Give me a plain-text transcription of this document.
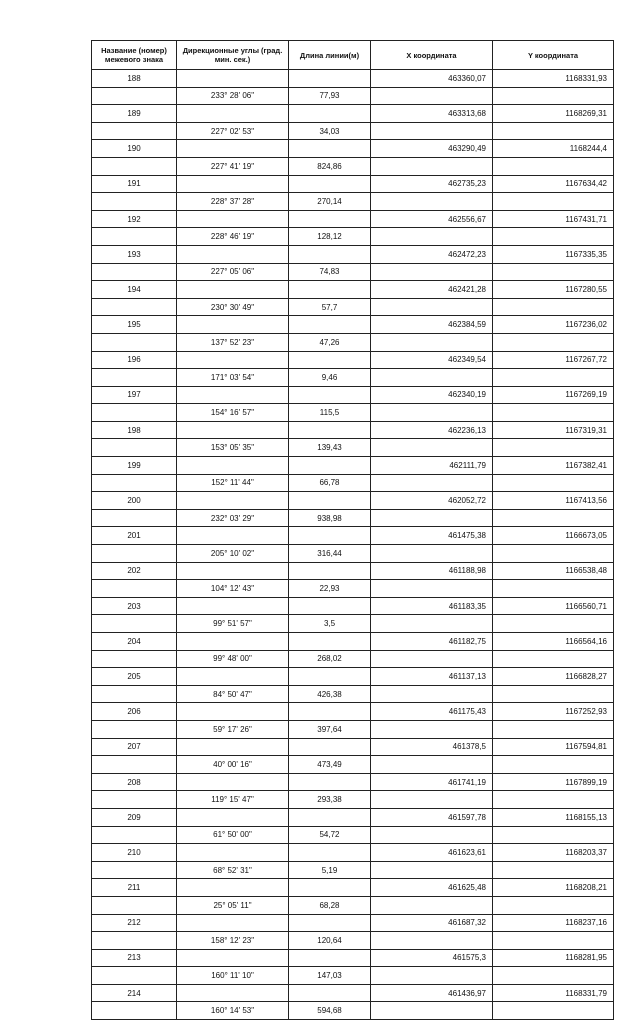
Название (номер) межевого знака	Дирекционные углы (град. мин. сек.)	Длина линии(м)	X координата	Y координата
188			463360,07	1168331,93
	233° 28' 06"	77,93		
189			463313,68	1168269,31
	227° 02' 53"	34,03		
190			463290,49	1168244,4
	227° 41' 19"	824,86		
191			462735,23	1167634,42
	228° 37' 28"	270,14		
192			462556,67	1167431,71
	228° 46' 19"	128,12		
193			462472,23	1167335,35
	227° 05' 06"	74,83		
194			462421,28	1167280,55
	230° 30' 49"	57,7		
195			462384,59	1167236,02
	137° 52' 23"	47,26		
196			462349,54	1167267,72
	171° 03' 54"	9,46		
197			462340,19	1167269,19
	154° 16' 57"	115,5		
198			462236,13	1167319,31
	153° 05' 35"	139,43		
199			462111,79	1167382,41
	152° 11' 44"	66,78		
200			462052,72	1167413,56
	232° 03' 29"	938,98		
201			461475,38	1166673,05
	205° 10' 02"	316,44		
202			461188,98	1166538,48
	104° 12' 43"	22,93		
203			461183,35	1166560,71
	99° 51' 57"	3,5		
204			461182,75	1166564,16
	99° 48' 00"	268,02		
205			461137,13	1166828,27
	84° 50' 47"	426,38		
206			461175,43	1167252,93
	59° 17' 26"	397,64		
207			461378,5	1167594,81
	40° 00' 16"	473,49		
208			461741,19	1167899,19
	119° 15' 47"	293,38		
209			461597,78	1168155,13
	61° 50' 00"	54,72		
210			461623,61	1168203,37
	68° 52' 31"	5,19		
211			461625,48	1168208,21
	25° 05' 11"	68,28		
212			461687,32	1168237,16
	158° 12' 23"	120,64		
213			461575,3	1168281,95
	160° 11' 10"	147,03		
214			461436,97	1168331,79
	160° 14' 53"	594,68		
